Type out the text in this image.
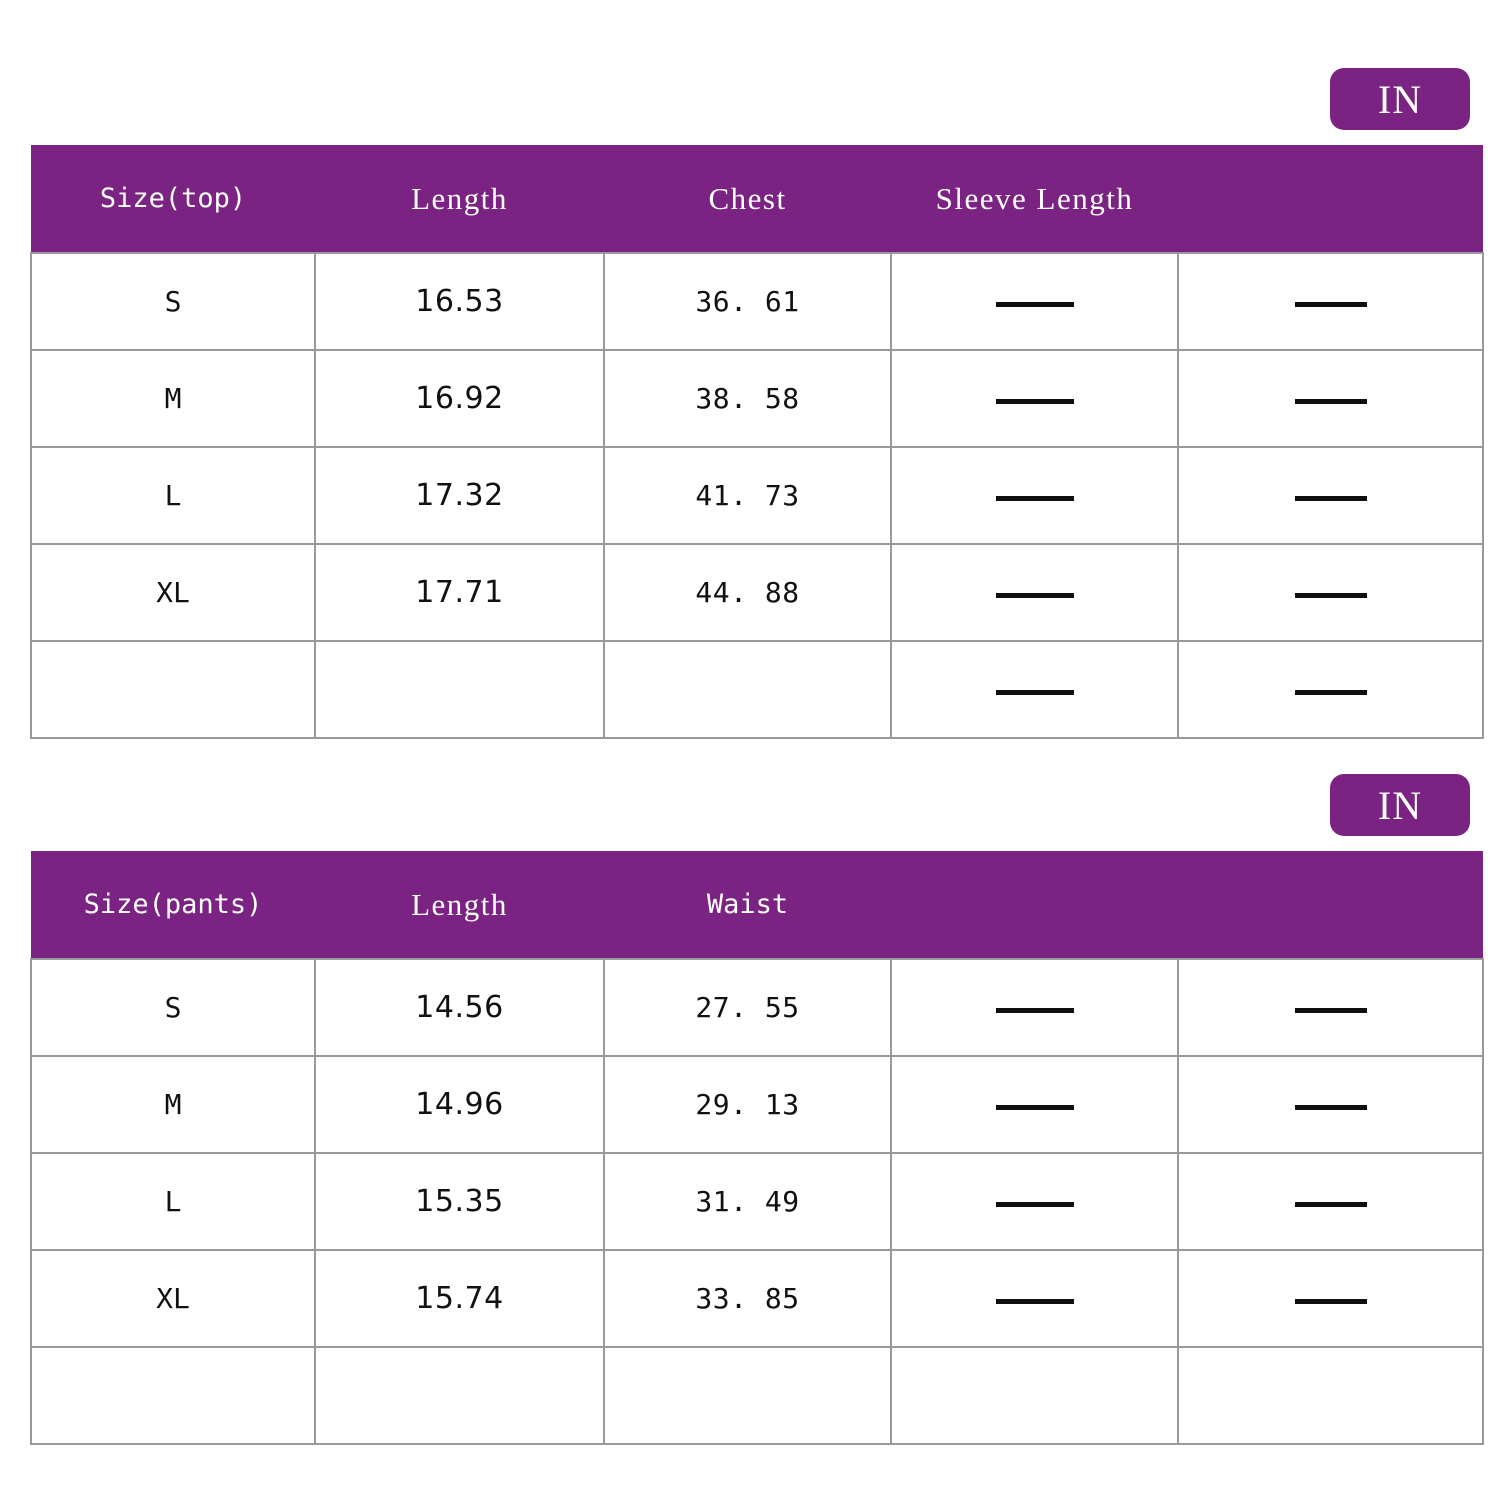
IN
Size(top)	Length	Chest	Sleeve Length	
S	16.53	36. 61		
M	16.92	38. 58		
L	17.32	41. 73		
XL	17.71	44. 88		

IN
Size(pants)	Length	Waist		
S	14.56	27. 55		
M	14.96	29. 13		
L	15.35	31. 49		
XL	15.74	33. 85		
